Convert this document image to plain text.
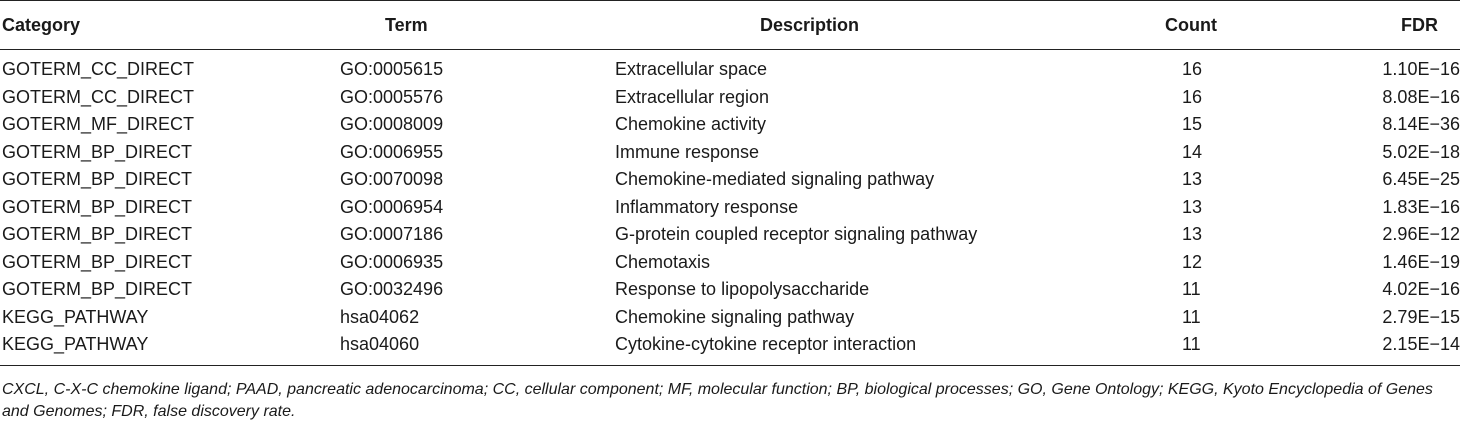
Category	Term	Description	Count	FDR
GOTERM_CC_DIRECT	GO:0005615	Extracellular space	16	1.10E−16
GOTERM_CC_DIRECT	GO:0005576	Extracellular region	16	8.08E−16
GOTERM_MF_DIRECT	GO:0008009	Chemokine activity	15	8.14E−36
GOTERM_BP_DIRECT	GO:0006955	Immune response	14	5.02E−18
GOTERM_BP_DIRECT	GO:0070098	Chemokine-mediated signaling pathway	13	6.45E−25
GOTERM_BP_DIRECT	GO:0006954	Inflammatory response	13	1.83E−16
GOTERM_BP_DIRECT	GO:0007186	G-protein coupled receptor signaling pathway	13	2.96E−12
GOTERM_BP_DIRECT	GO:0006935	Chemotaxis	12	1.46E−19
GOTERM_BP_DIRECT	GO:0032496	Response to lipopolysaccharide	11	4.02E−16
KEGG_PATHWAY	hsa04062	Chemokine signaling pathway	11	2.79E−15
KEGG_PATHWAY	hsa04060	Cytokine-cytokine receptor interaction	11	2.15E−14
CXCL, C-X-C chemokine ligand; PAAD, pancreatic adenocarcinoma; CC, cellular component; MF, molecular function; BP, biological processes; GO, Gene Ontology; KEGG, Kyoto Encyclopedia of Genes and Genomes; FDR, false discovery rate.
